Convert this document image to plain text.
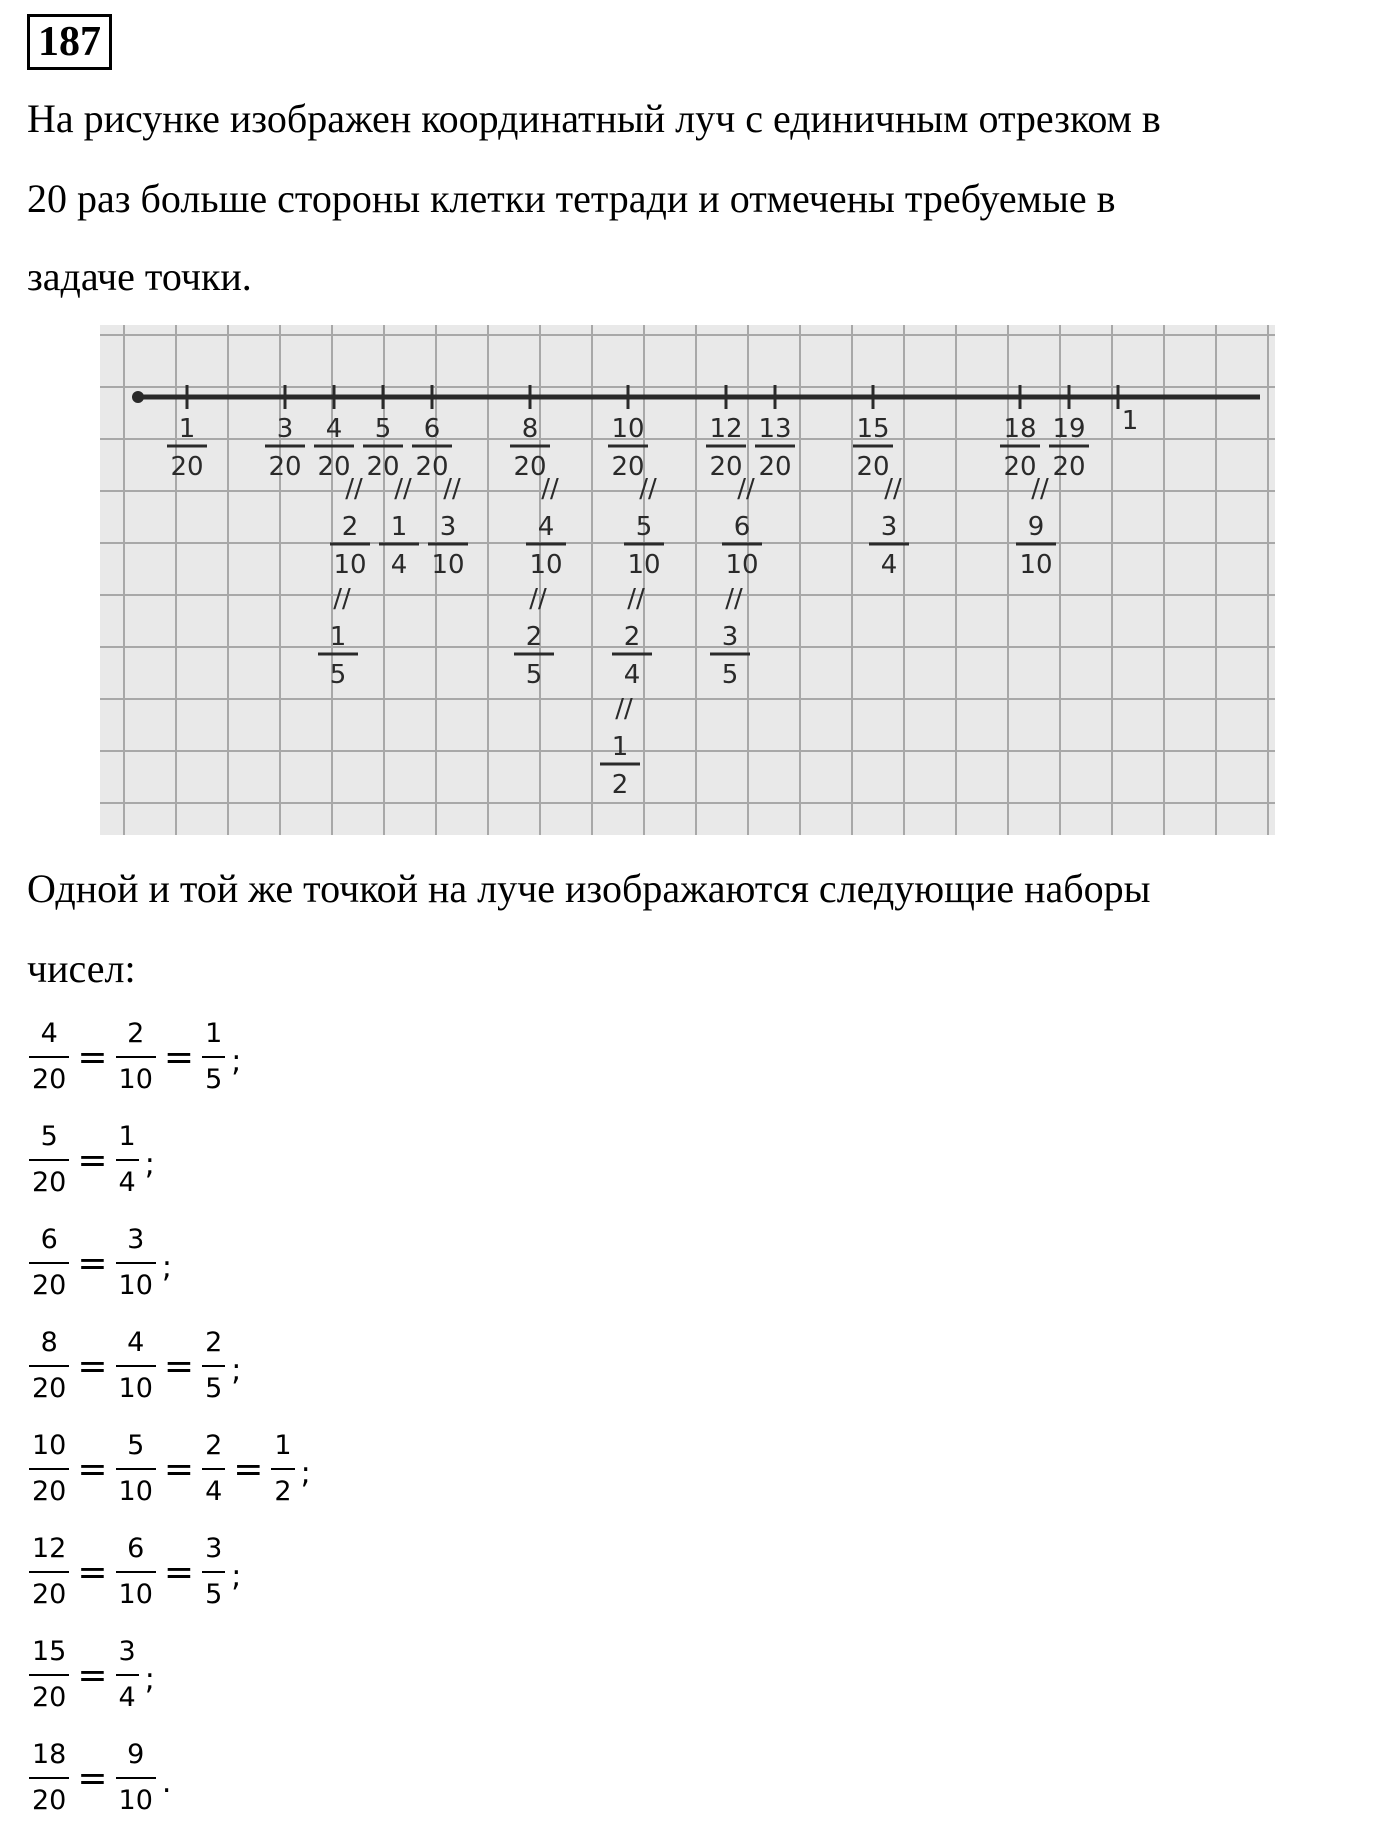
187
На рисунке изображен координатный луч с единичным отрезком в
20 раз больше стороны клетки тетради и отмечены требуемые в
задаче точки.
1
20
3
20
4
20
//
2
10
//
1
5
5
20
//
1
4
6
20
//
3
10
8
20
//
4
10
//
2
5
10
20
//
5
10
//
2
4
//
1
2
12
20
//
6
10
//
3
5
13
20
15
20
//
3
4
18
20
//
9
10
19
20
1
Одной и той же точкой на луче изображаются следующие наборы
чисел:
$\frac{4}{20} = \frac{2}{10} = \frac{1}{5}$ ;
$\frac{5}{20} = \frac{1}{4}$ ;
$\frac{6}{20} = \frac{3}{10}$ ;
$\frac{8}{20} = \frac{4}{10} = \frac{2}{5}$ ;
$\frac{10}{20} = \frac{5}{10} = \frac{2}{4} = \frac{1}{2}$ ;
$\frac{12}{20} = \frac{6}{10} = \frac{3}{5}$ ;
$\frac{15}{20} = \frac{3}{4}$ ;
$\frac{18}{20} = \frac{9}{10}$ .
